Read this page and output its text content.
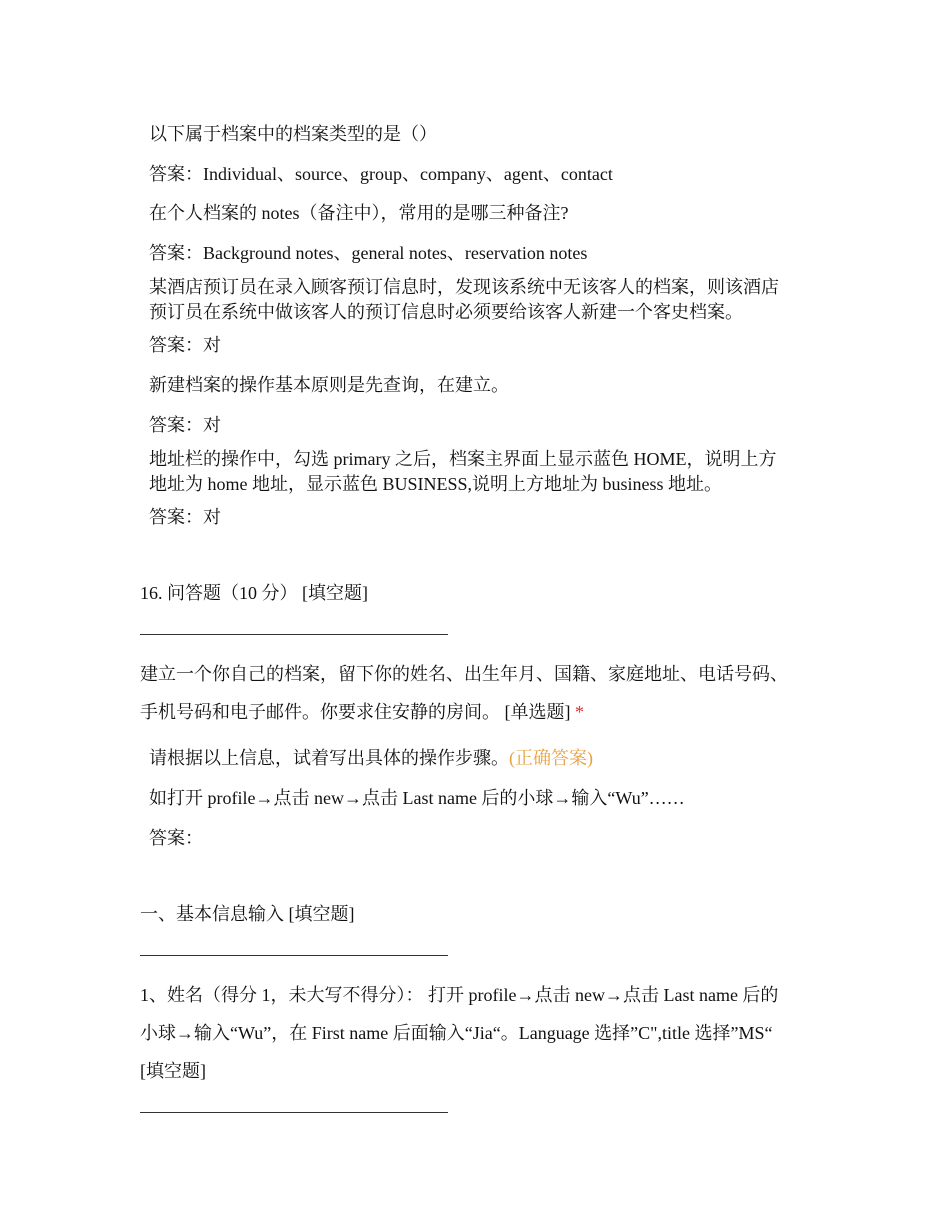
以下属于档案中的档案类型的是（）
答案：Individual、source、group、company、agent、contact
在个人档案的 notes（备注中），常用的是哪三种备注?
答案：Background notes、general notes、reservation notes
某酒店预订员在录入顾客预订信息时，发现该系统中无该客人的档案，则该酒店
预订员在系统中做该客人的预订信息时必须要给该客人新建一个客史档案。
答案：对
新建档案的操作基本原则是先查询，在建立。
答案：对
地址栏的操作中，勾选 primary 之后，档案主界面上显示蓝色 HOME，说明上方
地址为 home 地址，显示蓝色 BUSINESS,说明上方地址为 business 地址。
答案：对
16. 问答题（10 分） [填空题]
建立一个你自己的档案，留下你的姓名、出生年月、国籍、家庭地址、电话号码、
手机号码和电子邮件。你要求住安静的房间。 [单选题] *
请根据以上信息，试着写出具体的操作步骤。(正确答案)
如打开 profile→点击 new→点击 Last name 后的小球→输入“Wu”……
答案：
一、基本信息输入 [填空题]
1、姓名（得分 1，未大写不得分）： 打开 profile→点击 new→点击 Last name 后的
小球→输入“Wu”，在 First name 后面输入“Jia“。Language 选择”C",title 选择”MS“
[填空题]
